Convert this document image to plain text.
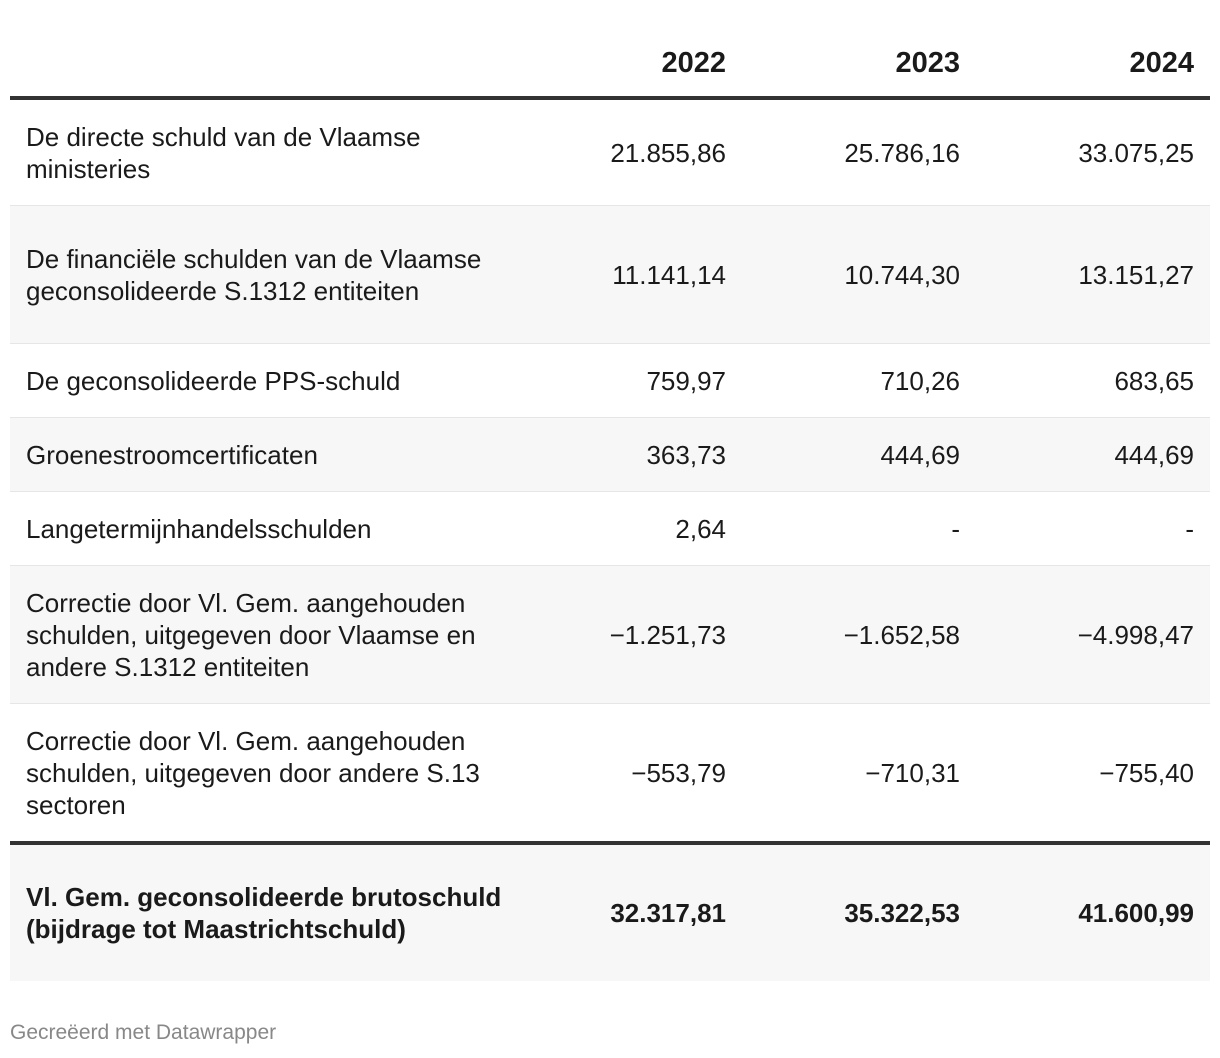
	2022	2023	2024
De directe schuld van de Vlaamse ministeries	21.855,86	25.786,16	33.075,25
De financiële schulden van de Vlaamse geconsolideerde S.1312 entiteiten	11.141,14	10.744,30	13.151,27
De geconsolideerde PPS-schuld	759,97	710,26	683,65
Groenestroomcertificaten	363,73	444,69	444,69
Langetermijnhandelsschulden	2,64	-	-
Correctie door Vl. Gem. aangehouden schulden, uitgegeven door Vlaamse en andere S.1312 entiteiten	−1.251,73	−1.652,58	−4.998,47
Correctie door Vl. Gem. aangehouden schulden, uitgegeven door andere S.13 sectoren	−553,79	−710,31	−755,40
Vl. Gem. geconsolideerde brutoschuld (bijdrage tot Maastrichtschuld)	32.317,81	35.322,53	41.600,99
Gecreëerd met Datawrapper
